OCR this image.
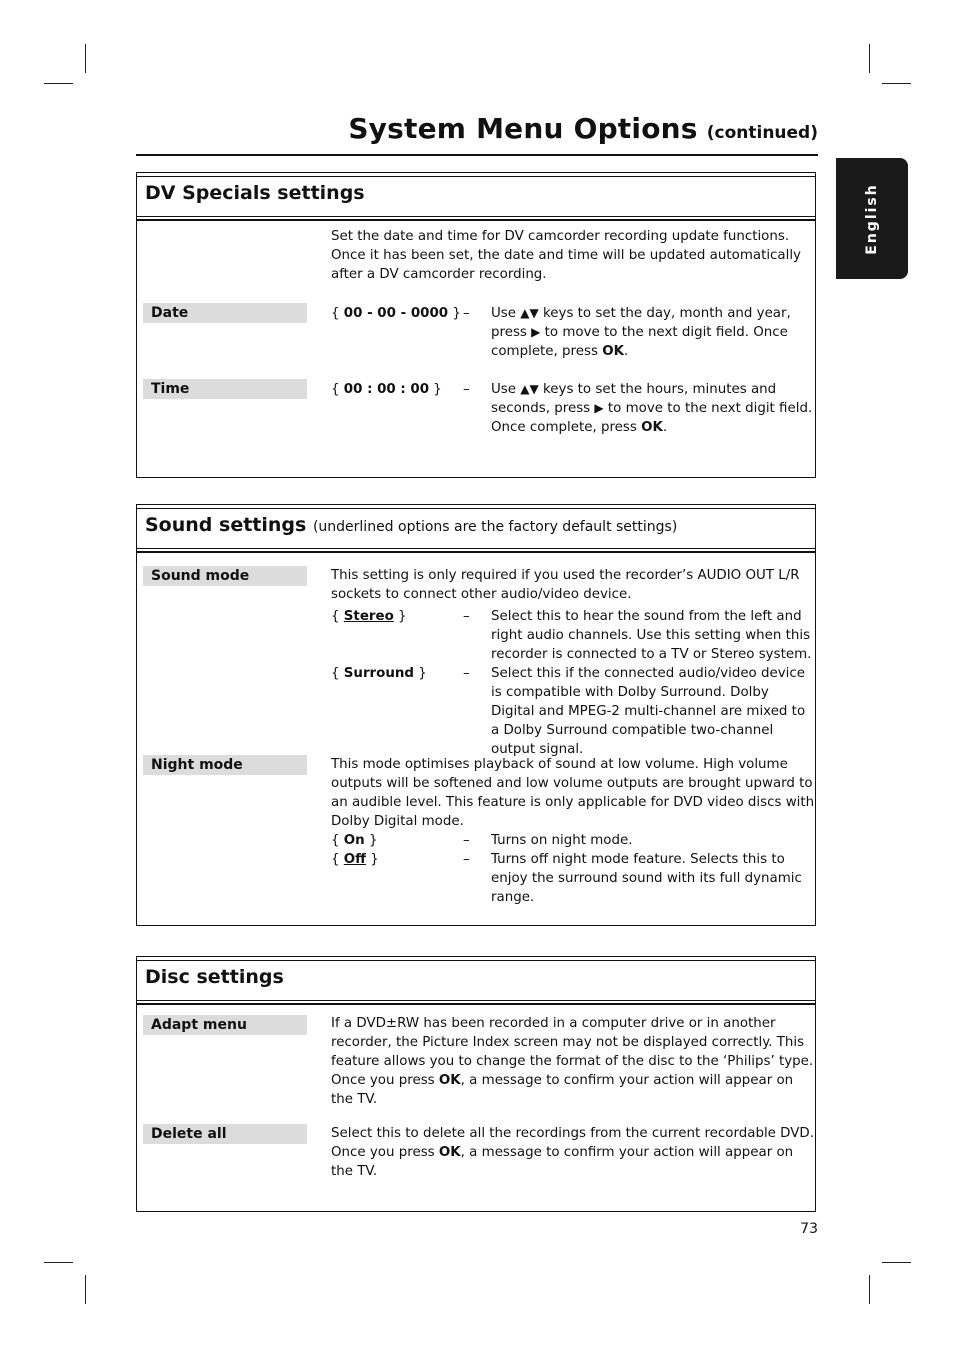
System Menu Options (continued)
English
DV Specials settings
Set the date and time for DV camcorder recording update functions. Once it has been set, the date and time will be updated automatically after a DV camcorder recording.
Date	{ 00 - 00 - 0000 } – Use ▲▼ keys to set the day, month and year, press ▶ to move to the next digit field. Once complete, press OK.
Time	{ 00 : 00 : 00 } – Use ▲▼ keys to set the hours, minutes and seconds, press ▶ to move to the next digit field. Once complete, press OK.
Sound settings (underlined options are the factory default settings)
Sound mode	This setting is only required if you used the recorder’s AUDIO OUT L/R sockets to connect other audio/video device.
{ Stereo }	– Select this to hear the sound from the left and right audio channels. Use this setting when this recorder is connected to a TV or Stereo system.
{ Surround }	– Select this if the connected audio/video device is compatible with Dolby Surround. Dolby Digital and MPEG-2 multi-channel are mixed to a Dolby Surround compatible two-channel output signal.
Night mode	This mode optimises playback of sound at low volume. High volume outputs will be softened and low volume outputs are brought upward to an audible level. This feature is only applicable for DVD video discs with Dolby Digital mode.
{ On }	– Turns on night mode.
{ Off }	– Turns off night mode feature. Selects this to enjoy the surround sound with its full dynamic range.
Disc settings
Adapt menu	If a DVD±RW has been recorded in a computer drive or in another recorder, the Picture Index screen may not be displayed correctly. This feature allows you to change the format of the disc to the ‘Philips’ type. Once you press OK, a message to confirm your action will appear on the TV.
Delete all	Select this to delete all the recordings from the current recordable DVD. Once you press OK, a message to confirm your action will appear on the TV.
73
